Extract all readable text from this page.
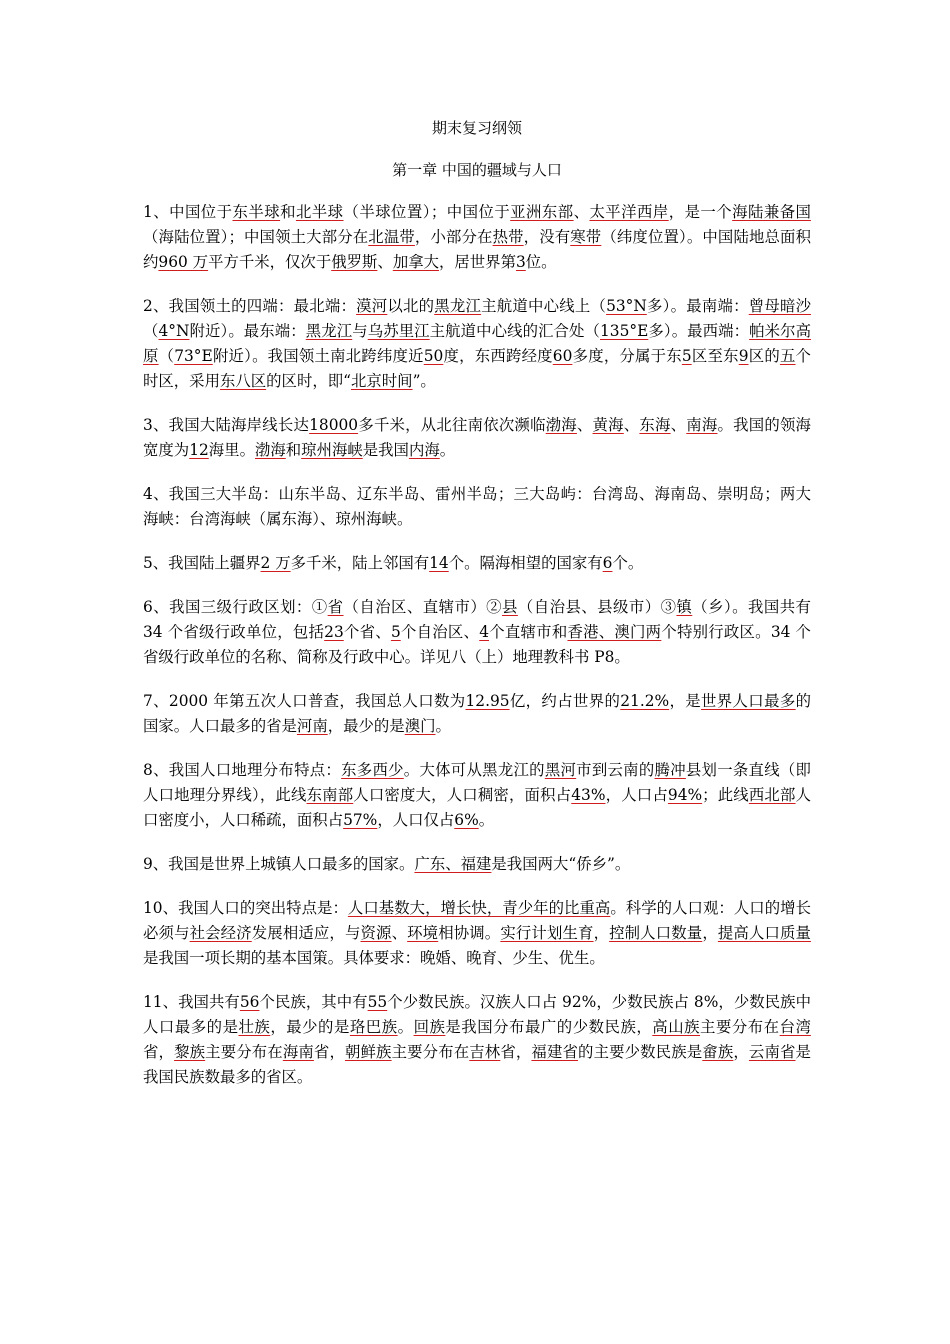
期末复习纲领
第一章 中国的疆域与人口

1、中国位于东半球和北半球（半球位置）；中国位于亚洲东部、太平洋西岸，是一个海陆兼备国（海陆位置）；中国领土大部分在北温带，小部分在热带，没有寒带（纬度位置）。中国陆地总面积约960 万平方千米，仅次于俄罗斯、加拿大，居世界第3位。

2、我国领土的四端：最北端：漠河以北的黑龙江主航道中心线上（53°N多）。最南端：曾母暗沙（4°N附近）。最东端：黑龙江与乌苏里江主航道中心线的汇合处（135°E多）。最西端：帕米尔高原（73°E附近）。我国领土南北跨纬度近50度，东西跨经度60多度，分属于东5区至东9区的五个时区，采用东八区的区时，即“北京时间”。

3、我国大陆海岸线长达18000多千米，从北往南依次濒临渤海、黄海、东海、南海。我国的领海宽度为12海里。渤海和琼州海峡是我国内海。

4、我国三大半岛：山东半岛、辽东半岛、雷州半岛；三大岛屿：台湾岛、海南岛、崇明岛；两大海峡：台湾海峡（属东海）、琼州海峡。

5、我国陆上疆界2 万多千米，陆上邻国有14个。隔海相望的国家有6个。

6、我国三级行政区划：①省（自治区、直辖市）②县（自治县、县级市）③镇（乡）。我国共有 34 个省级行政单位，包括23个省、5个自治区、4个直辖市和香港、澳门两个特别行政区。34 个省级行政单位的名称、简称及行政中心。详见八（上）地理教科书 P8。

7、2000 年第五次人口普查，我国总人口数为12.95亿，约占世界的21.2%，是世界人口最多的国家。人口最多的省是河南，最少的是澳门。

8、我国人口地理分布特点：东多西少。大体可从黑龙江的黑河市到云南的腾冲县划一条直线（即人口地理分界线），此线东南部人口密度大，人口稠密，面积占43%，人口占94%；此线西北部人口密度小，人口稀疏，面积占57%，人口仅占6%。

9、我国是世界上城镇人口最多的国家。广东、福建是我国两大“侨乡”。

10、我国人口的突出特点是：人口基数大，增长快，青少年的比重高。科学的人口观：人口的增长必须与社会经济发展相适应，与资源、环境相协调。实行计划生育，控制人口数量，提高人口质量是我国一项长期的基本国策。具体要求：晚婚、晚育、少生、优生。

11、我国共有56个民族，其中有55个少数民族。汉族人口占 92%，少数民族占 8%，少数民族中人口最多的是壮族，最少的是珞巴族。回族是我国分布最广的少数民族，高山族主要分布在台湾省，黎族主要分布在海南省，朝鲜族主要分布在吉林省，福建省的主要少数民族是畲族，云南省是我国民族数最多的省区。
